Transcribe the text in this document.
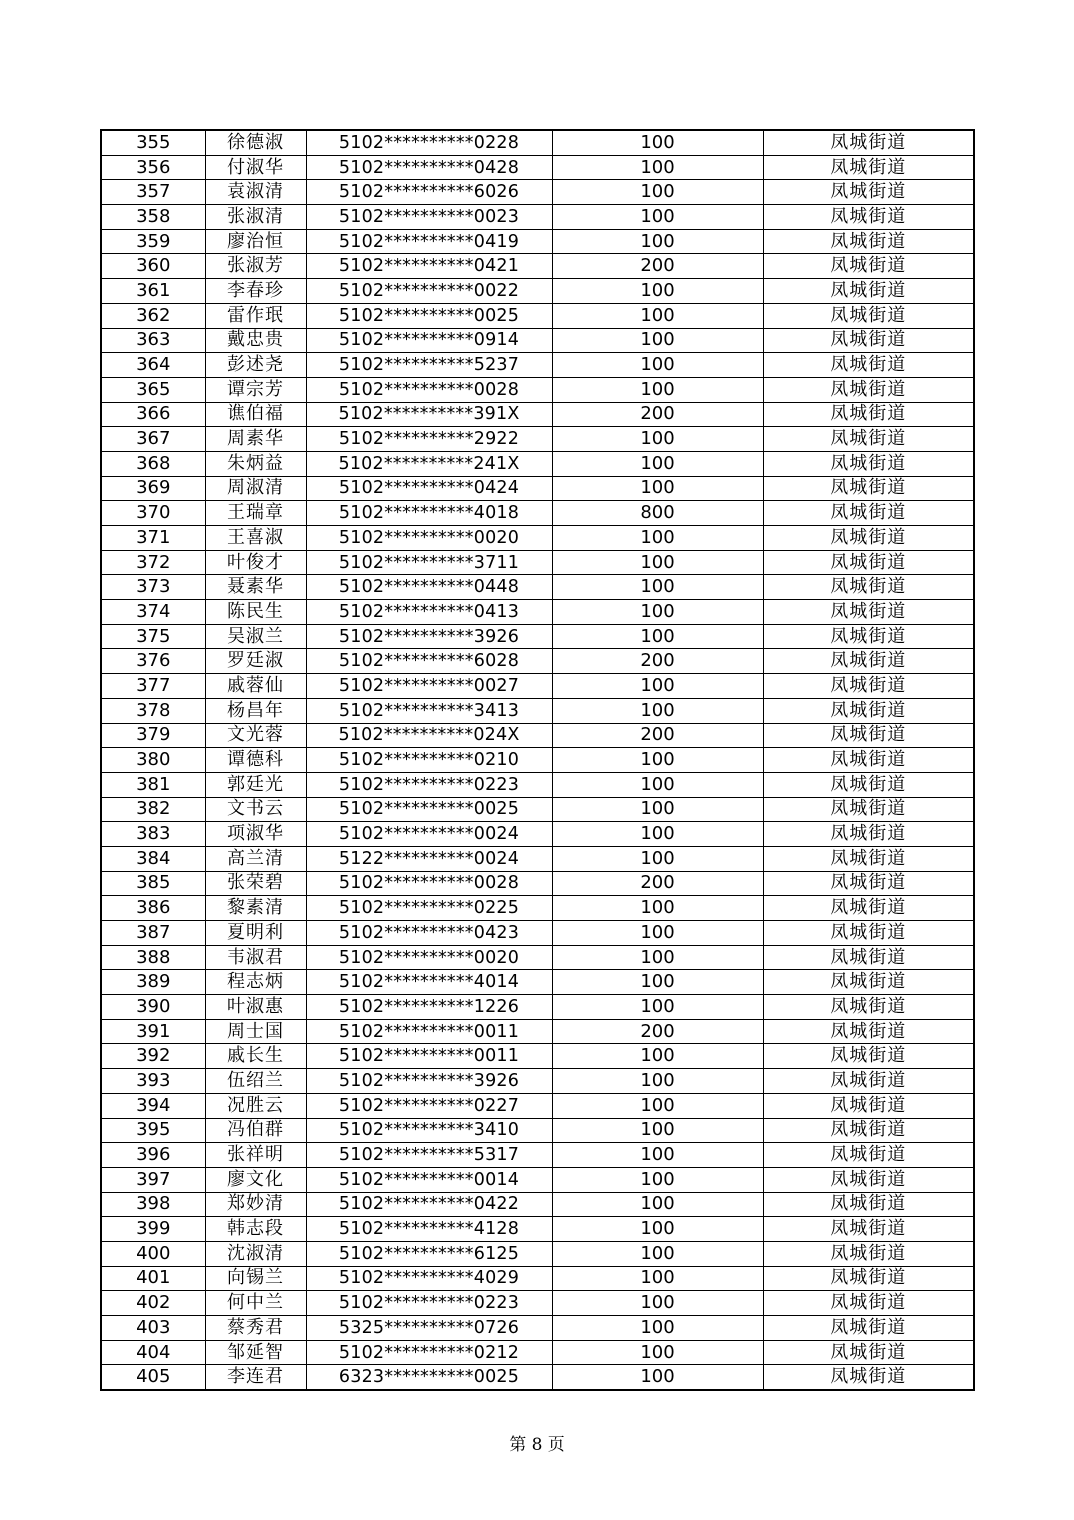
355	徐德淑	5102**********0228	100	凤城街道
356	付淑华	5102**********0428	100	凤城街道
357	袁淑清	5102**********6026	100	凤城街道
358	张淑清	5102**********0023	100	凤城街道
359	廖治恒	5102**********0419	100	凤城街道
360	张淑芳	5102**********0421	200	凤城街道
361	李春珍	5102**********0022	100	凤城街道
362	雷作珉	5102**********0025	100	凤城街道
363	戴忠贵	5102**********0914	100	凤城街道
364	彭述尧	5102**********5237	100	凤城街道
365	谭宗芳	5102**********0028	100	凤城街道
366	谯伯福	5102**********391X	200	凤城街道
367	周素华	5102**********2922	100	凤城街道
368	朱炳益	5102**********241X	100	凤城街道
369	周淑清	5102**********0424	100	凤城街道
370	王瑞章	5102**********4018	800	凤城街道
371	王喜淑	5102**********0020	100	凤城街道
372	叶俊才	5102**********3711	100	凤城街道
373	聂素华	5102**********0448	100	凤城街道
374	陈民生	5102**********0413	100	凤城街道
375	吴淑兰	5102**********3926	100	凤城街道
376	罗廷淑	5102**********6028	200	凤城街道
377	戚蓉仙	5102**********0027	100	凤城街道
378	杨昌年	5102**********3413	100	凤城街道
379	文光蓉	5102**********024X	200	凤城街道
380	谭德科	5102**********0210	100	凤城街道
381	郭廷光	5102**********0223	100	凤城街道
382	文书云	5102**********0025	100	凤城街道
383	项淑华	5102**********0024	100	凤城街道
384	高兰清	5122**********0024	100	凤城街道
385	张荣碧	5102**********0028	200	凤城街道
386	黎素清	5102**********0225	100	凤城街道
387	夏明利	5102**********0423	100	凤城街道
388	韦淑君	5102**********0020	100	凤城街道
389	程志炳	5102**********4014	100	凤城街道
390	叶淑惠	5102**********1226	100	凤城街道
391	周士国	5102**********0011	200	凤城街道
392	戚长生	5102**********0011	100	凤城街道
393	伍绍兰	5102**********3926	100	凤城街道
394	况胜云	5102**********0227	100	凤城街道
395	冯伯群	5102**********3410	100	凤城街道
396	张祥明	5102**********5317	100	凤城街道
397	廖文化	5102**********0014	100	凤城街道
398	郑妙清	5102**********0422	100	凤城街道
399	韩志段	5102**********4128	100	凤城街道
400	沈淑清	5102**********6125	100	凤城街道
401	向锡兰	5102**********4029	100	凤城街道
402	何中兰	5102**********0223	100	凤城街道
403	蔡秀君	5325**********0726	100	凤城街道
404	邹延智	5102**********0212	100	凤城街道
405	李连君	6323**********0025	100	凤城街道
第 8 页
